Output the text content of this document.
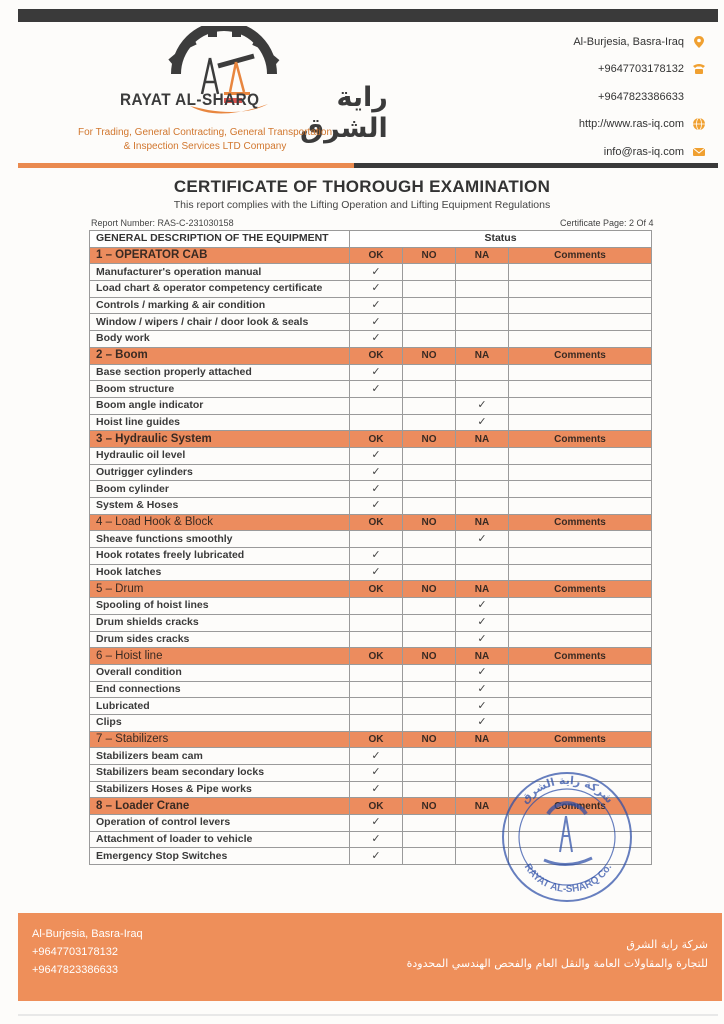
RAYAT AL-SHARQ	راية الشرق
For Trading, General Contracting, General Transportation
& Inspection Services LTD Company
Al-Burjesia, Basra-Iraq
+9647703178132
+9647823386633
http://www.ras-iq.com
info@ras-iq.com
CERTIFICATE OF THOROUGH EXAMINATION
This report complies with the Lifting Operation and Lifting Equipment Regulations
Report Number: RAS-C-231030158	Certificate Page: 2 Of 4
GENERAL DESCRIPTION OF THE EQUIPMENT	Status			
1 – OPERATOR CAB	OK	NO	NA	Comments
Manufacturer's operation manual	✓			
Load chart & operator competency certificate	✓			
Controls / marking & air condition	✓			
Window / wipers / chair / door look & seals	✓			
Body work	✓			
2 – Boom	OK	NO	NA	Comments
Base section properly attached	✓			
Boom structure	✓			
Boom angle indicator			✓	
Hoist line guides			✓	
3 – Hydraulic System	OK	NO	NA	Comments
Hydraulic oil level	✓			
Outrigger cylinders	✓			
Boom cylinder	✓			
System & Hoses	✓			
4 – Load Hook & Block	OK	NO	NA	Comments
Sheave functions smoothly			✓	
Hook rotates freely lubricated	✓			
Hook latches	✓			
5 – Drum	OK	NO	NA	Comments
Spooling of hoist lines			✓	
Drum shields cracks			✓	
Drum sides cracks			✓	
6 – Hoist line	OK	NO	NA	Comments
Overall condition			✓	
End connections			✓	
Lubricated			✓	
Clips			✓	
7 – Stabilizers	OK	NO	NA	Comments
Stabilizers beam cam	✓			
Stabilizers beam secondary locks	✓			
Stabilizers Hoses & Pipe works	✓			
8 – Loader Crane	OK	NO	NA	Comments
Operation of control levers	✓			
Attachment of loader to vehicle	✓			
Emergency Stop Switches	✓			
شركة راية الشرق
RAYAT AL-SHARQ Co.
Al-Burjesia, Basra-Iraq
+9647703178132
+9647823386633
شركة راية الشرق
للتجارة والمقاولات العامة والنقل العام والفحص الهندسي المحدودة
